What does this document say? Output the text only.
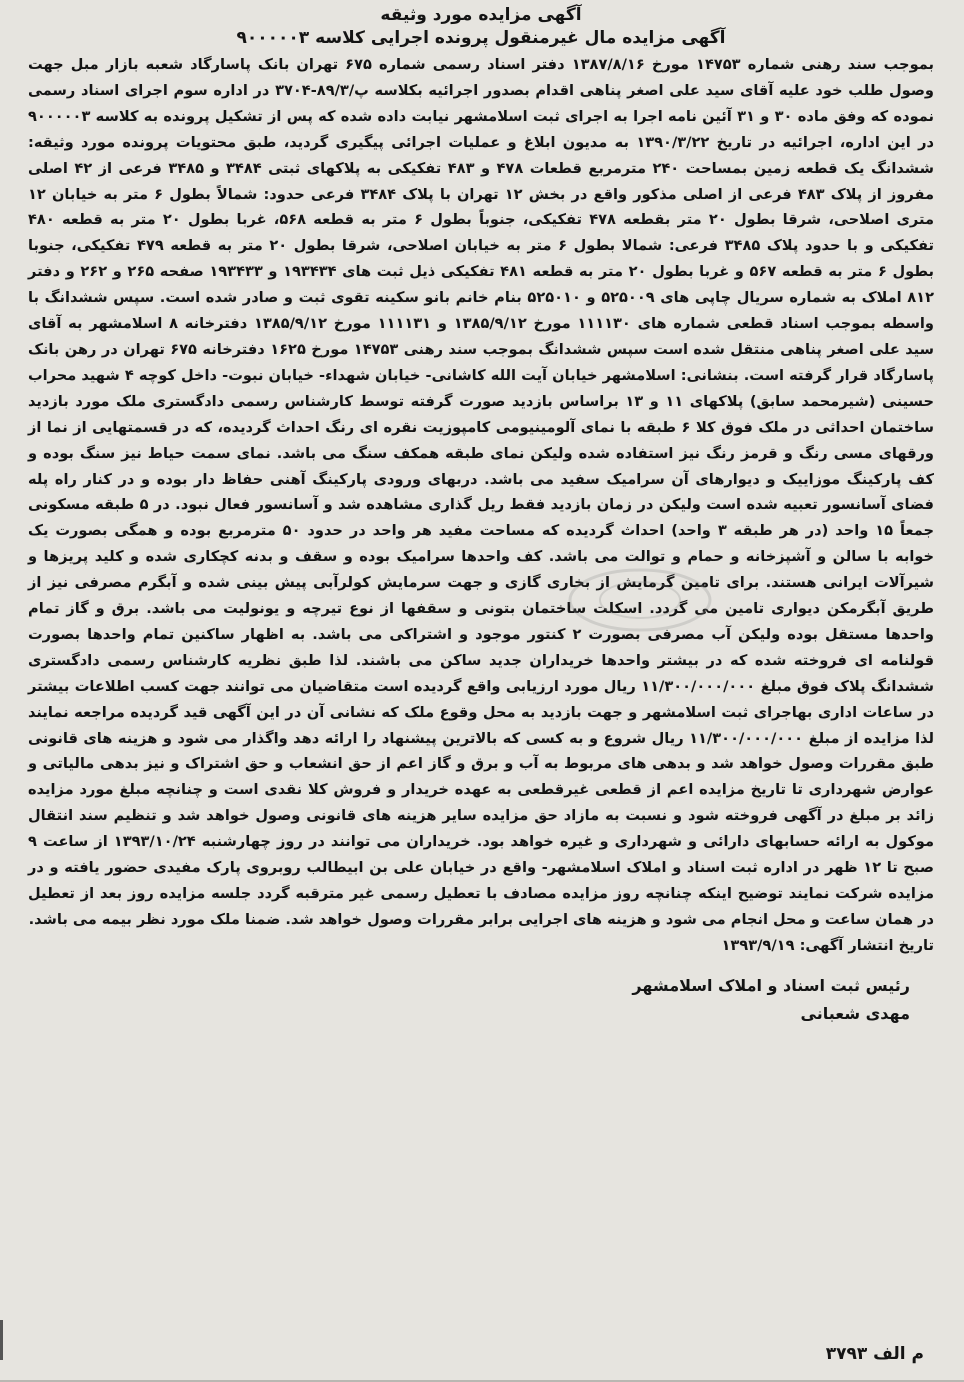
آگهی مزایده مورد وثیقه
آگهی مزایده مال غیرمنقول پرونده اجرایی کلاسه ۹۰۰۰۰۰۳

بموجب سند رهنی شماره ۱۴۷۵۳ مورخ ۱۳۸۷/۸/۱۶ دفتر اسناد رسمی شماره ۶۷۵ تهران بانک پاسارگاد شعبه بازار مبل جهت وصول طلب خود علیه آقای سید علی اصغر پناهی اقدام بصدور اجرائیه بکلاسه پ/۸۹/۳-۳۷۰۴ در اداره سوم اجرای اسناد رسمی نموده که وفق ماده ۳۰ و ۳۱ آئین نامه اجرا به اجرای ثبت اسلامشهر نیابت داده شده که پس از تشکیل پرونده به کلاسه ۹۰۰۰۰۰۳ در این اداره، اجرائیه در تاریخ ۱۳۹۰/۳/۲۲ به مدیون ابلاغ و عملیات اجرائی پیگیری گردید، طبق محتویات پرونده مورد وثیقه: ششدانگ یک قطعه زمین بمساحت ۲۴۰ مترمربع قطعات ۴۷۸ و ۴۸۳ تفکیکی به پلاکهای ثبتی ۳۴۸۴ و ۳۴۸۵ فرعی از ۴۲ اصلی مفروز از پلاک ۴۸۳ فرعی از اصلی مذکور واقع در بخش ۱۲ تهران با پلاک ۳۴۸۴ فرعی حدود: شمالاً بطول ۶ متر به خیابان ۱۲ متری اصلاحی، شرقا بطول ۲۰ متر بقطعه ۴۷۸ تفکیکی، جنوباً بطول ۶ متر به قطعه ۵۶۸، غربا بطول ۲۰ متر به قطعه ۴۸۰ تفکیکی و با حدود پلاک ۳۴۸۵ فرعی: شمالا بطول ۶ متر به خیابان اصلاحی، شرقا بطول ۲۰ متر به قطعه ۴۷۹ تفکیکی، جنوبا بطول ۶ متر به قطعه ۵۶۷ و غربا بطول ۲۰ متر به قطعه ۴۸۱ تفکیکی ذیل ثبت های ۱۹۳۴۳۴ و ۱۹۳۴۳۳ صفحه ۲۶۵ و ۲۶۲ و دفتر ۸۱۲ املاک به شماره سریال چاپی های ۵۲۵۰۰۹ و ۵۲۵۰۱۰ بنام خانم بانو سکینه تقوی ثبت و صادر شده است. سپس ششدانگ با واسطه بموجب اسناد قطعی شماره های ۱۱۱۱۳۰ مورخ ۱۳۸۵/۹/۱۲ و ۱۱۱۱۳۱ مورخ ۱۳۸۵/۹/۱۲ دفترخانه ۸ اسلامشهر به آقای سید علی اصغر پناهی منتقل شده است سپس ششدانگ بموجب سند رهنی ۱۴۷۵۳ مورخ ۱۶۲۵ دفترخانه ۶۷۵ تهران در رهن بانک پاسارگاد قرار گرفته است. بنشانی: اسلامشهر خیابان آیت الله کاشانی- خیابان شهداء- خیابان نبوت- داخل کوچه ۴ شهید محراب حسینی (شیرمحمد سابق) پلاکهای ۱۱ و ۱۳ براساس بازدید صورت گرفته توسط کارشناس رسمی دادگستری ملک مورد بازدید ساختمان احداثی در ملک فوق کلا ۶ طبقه با نمای آلومینیومی کامپوزیت نقره ای رنگ احداث گردیده، که در قسمتهایی از نما از ورقهای مسی رنگ و قرمز رنگ نیز استفاده شده ولیکن نمای طبقه همکف سنگ می باشد. نمای سمت حیاط نیز سنگ بوده و کف پارکینگ موزاییک و دیوارهای آن سرامیک سفید می باشد. دربهای ورودی پارکینگ آهنی حفاظ دار بوده و در کنار راه پله فضای آسانسور تعبیه شده است ولیکن در زمان بازدید فقط ریل گذاری مشاهده شد و آسانسور فعال نبود. در ۵ طبقه مسکونی جمعاً ۱۵ واحد (در هر طبقه ۳ واحد) احداث گردیده که مساحت مفید هر واحد در حدود ۵۰ مترمربع بوده و همگی بصورت یک خوابه با سالن و آشپزخانه و حمام و توالت می باشد. کف واحدها سرامیک بوده و سقف و بدنه کچکاری شده و کلید پریزها و شیرآلات ایرانی هستند. برای تامین گرمایش از بخاری گازی و جهت سرمایش کولرآبی پیش بینی شده و آبگرم مصرفی نیز از طریق آبگرمکن دیواری تامین می گردد. اسکلت ساختمان بتونی و سقفها از نوع تیرچه و یونولیت می باشد. برق و گاز تمام واحدها مستقل بوده ولیکن آب مصرفی بصورت ۲ کنتور موجود و اشتراکی می باشد. به اظهار ساکنین تمام واحدها بصورت قولنامه ای فروخته شده که در بیشتر واحدها خریداران جدید ساکن می باشند. لذا طبق نظریه کارشناس رسمی دادگستری ششدانگ پلاک فوق مبلغ ۱۱/۳۰۰/۰۰۰/۰۰۰ ریال مورد ارزیابی واقع گردیده است متقاضیان می توانند جهت کسب اطلاعات بیشتر در ساعات اداری بهاجرای ثبت اسلامشهر و جهت بازدید به محل وقوع ملک که نشانی آن در این آگهی قید گردیده مراجعه نمایند لذا مزایده از مبلغ ۱۱/۳۰۰/۰۰۰/۰۰۰ ریال شروع و به کسی که بالاترین پیشنهاد را ارائه دهد واگذار می شود و هزینه های قانونی طبق مقررات وصول خواهد شد و بدهی های مربوط به آب و برق و گاز اعم از حق انشعاب و حق اشتراک و نیز بدهی مالیاتی و عوارض شهرداری تا تاریخ مزایده اعم از قطعی غیرقطعی به عهده خریدار و فروش کلا نقدی است و چنانچه مبلغ مورد مزایده زائد بر مبلغ در آگهی فروخته شود و نسبت به مازاد حق مزایده سایر هزینه های قانونی وصول خواهد شد و تنظیم سند انتقال موکول به ارائه حسابهای دارائی و شهرداری و غیره خواهد بود. خریداران می توانند در روز چهارشنبه ۱۳۹۳/۱۰/۲۴ از ساعت ۹ صبح تا ۱۲ ظهر در اداره ثبت اسناد و املاک اسلامشهر- واقع در خیابان علی بن ابیطالب روبروی پارک مفیدی حضور یافته و در مزایده شرکت نمایند توضیح اینکه چنانچه روز مزایده مصادف با تعطیل رسمی غیر مترقبه گردد جلسه مزایده روز بعد از تعطیل در همان ساعت و محل انجام می شود و هزینه های اجرایی برابر مقررات وصول خواهد شد. ضمنا ملک مورد نظر بیمه می باشد.

تاریخ انتشار آگهی: ۱۳۹۳/۹/۱۹
رئیس ثبت اسناد و املاک اسلامشهر
مهدی شعبانی
م الف ۳۷۹۳
